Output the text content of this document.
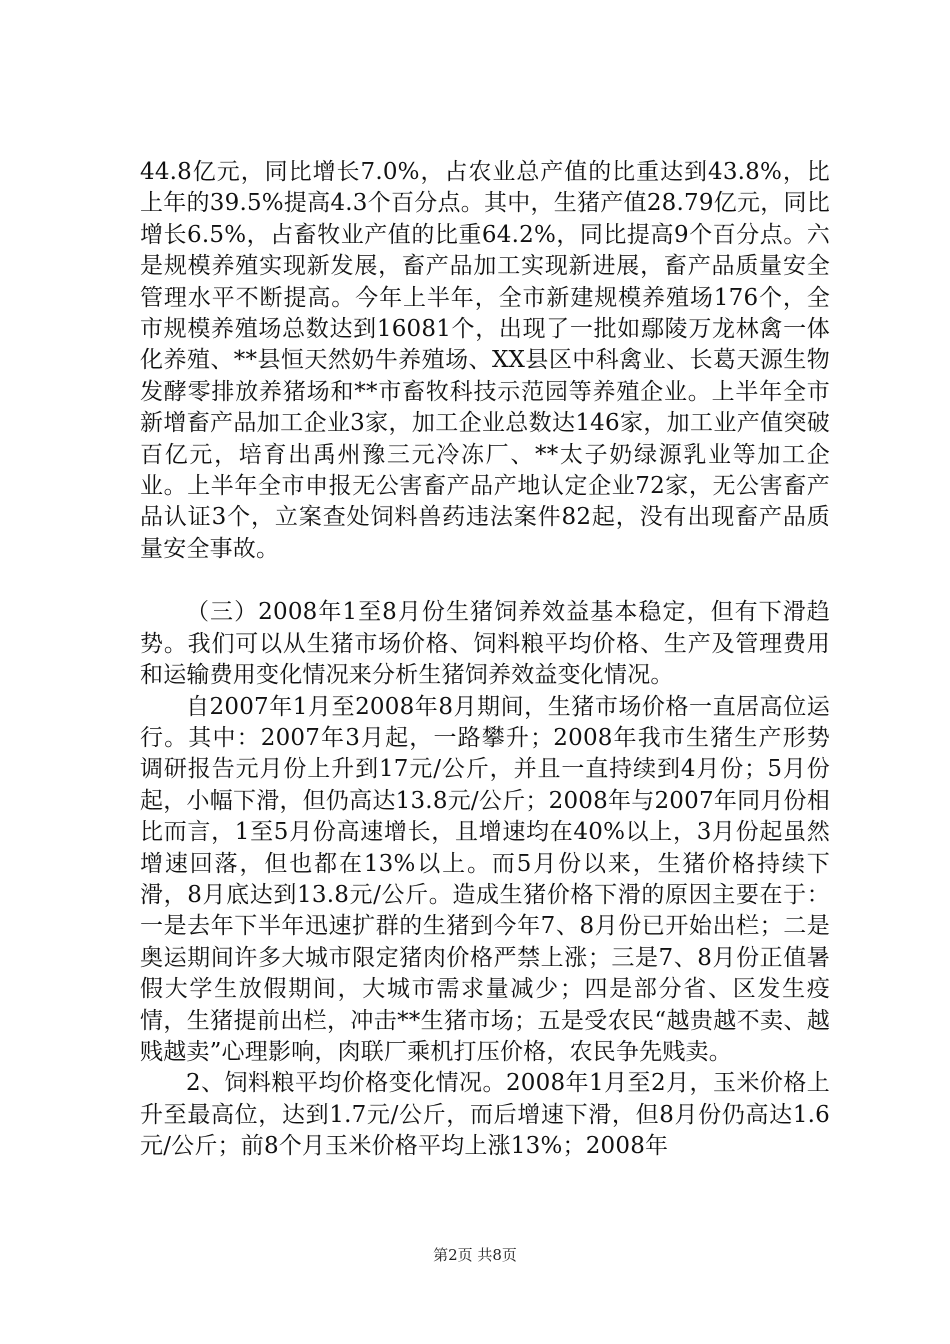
44.8亿元，同比增长7.0%，占农业总产值的比重达到43.8%，比上年的39.5%提高4.3个百分点。其中，生猪产值28.79亿元，同比增长6.5%，占畜牧业产值的比重64.2%，同比提高9个百分点。六是规模养殖实现新发展，畜产品加工实现新进展，畜产品质量安全管理水平不断提高。今年上半年，全市新建规模养殖场176个，全市规模养殖场总数达到16081个，出现了一批如鄢陵万龙林禽一体化养殖、**县恒天然奶牛养殖场、XX县区中科禽业、长葛天源生物发酵零排放养猪场和**市畜牧科技示范园等养殖企业。上半年全市新增畜产品加工企业3家，加工企业总数达146家，加工业产值突破百亿元，培育出禹州豫三元冷冻厂、**太子奶绿源乳业等加工企业。上半年全市申报无公害畜产品产地认定企业72家，无公害畜产品认证3个，立案查处饲料兽药违法案件82起，没有出现畜产品质量安全事故。

（三）2008年1至8月份生猪饲养效益基本稳定，但有下滑趋势。我们可以从生猪市场价格、饲料粮平均价格、生产及管理费用和运输费用变化情况来分析生猪饲养效益变化情况。

自2007年1月至2008年8月期间，生猪市场价格一直居高位运行。其中：2007年3月起，一路攀升；2008年我市生猪生产形势调研报告元月份上升到17元/公斤，并且一直持续到4月份；5月份起，小幅下滑，但仍高达13.8元/公斤；2008年与2007年同月份相比而言，1至5月份高速增长，且增速均在40%以上，3月份起虽然增速回落，但也都在13%以上。而5月份以来，生猪价格持续下滑，8月底达到13.8元/公斤。造成生猪价格下滑的原因主要在于：一是去年下半年迅速扩群的生猪到今年7、8月份已开始出栏；二是奥运期间许多大城市限定猪肉价格严禁上涨；三是7、8月份正值暑假大学生放假期间，大城市需求量减少；四是部分省、区发生疫情，生猪提前出栏，冲击**生猪市场；五是受农民“越贵越不卖、越贱越卖”心理影响，肉联厂乘机打压价格，农民争先贱卖。

2、饲料粮平均价格变化情况。2008年1月至2月，玉米价格上升至最高位，达到1.7元/公斤，而后增速下滑，但8月份仍高达1.6元/公斤；前8个月玉米价格平均上涨13%；2008年

第2页 共8页
